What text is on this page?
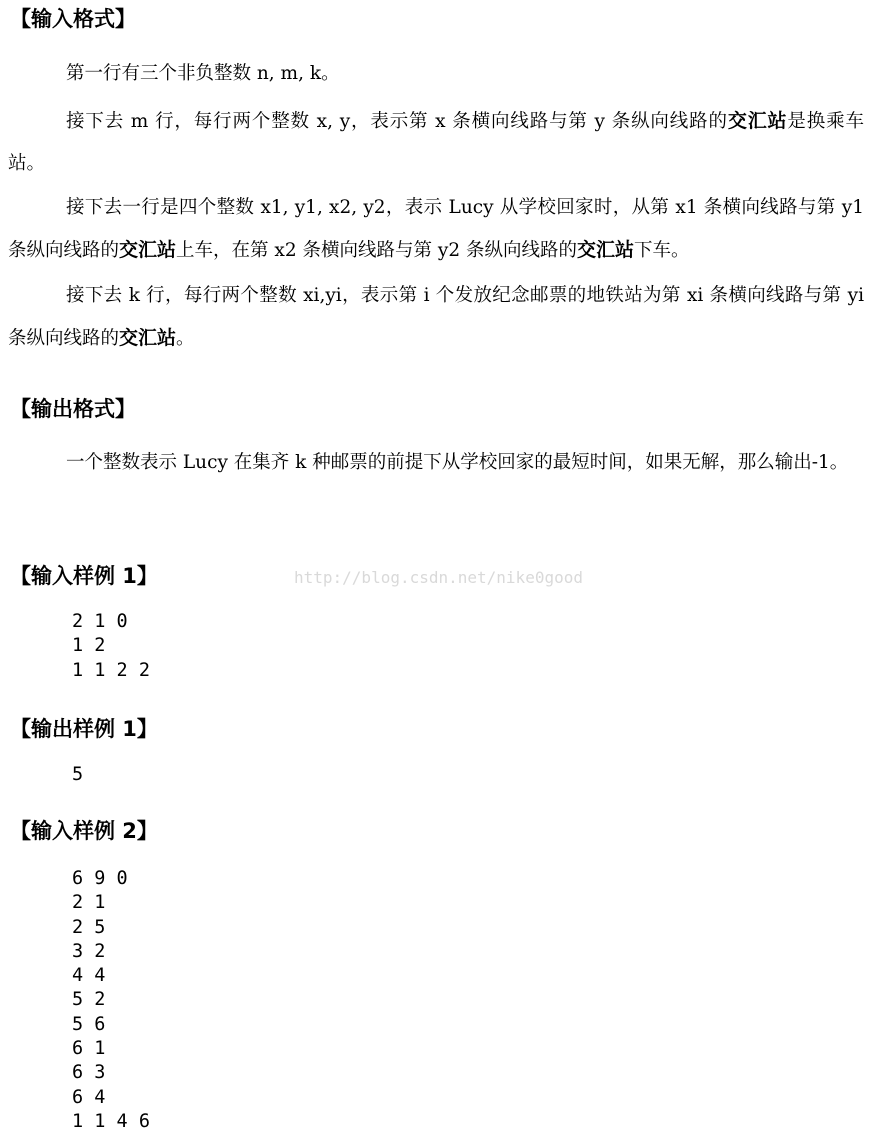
【输入格式】

第一行有三个非负整数 n, m, k。

接下去 m 行，每行两个整数 x, y，表示第 x 条横向线路与第 y 条纵向线路的交汇站是换乘车站。

接下去一行是四个整数 x1, y1, x2, y2，表示 Lucy 从学校回家时，从第 x1 条横向线路与第 y1 条纵向线路的交汇站上车，在第 x2 条横向线路与第 y2 条纵向线路的交汇站下车。

接下去 k 行，每行两个整数 xi,yi，表示第 i 个发放纪念邮票的地铁站为第 xi 条横向线路与第 yi 条纵向线路的交汇站。

【输出格式】

一个整数表示 Lucy 在集齐 k 种邮票的前提下从学校回家的最短时间，如果无解，那么输出-1。

【输入样例 1】	http://blog.csdn.net/nike0good
2 1 0
1 2
1 1 2 2
【输出样例 1】
5
【输入样例 2】
6 9 0
2 1
2 5
3 2
4 4
5 2
5 6
6 1
6 3
6 4
1 1 4 6
